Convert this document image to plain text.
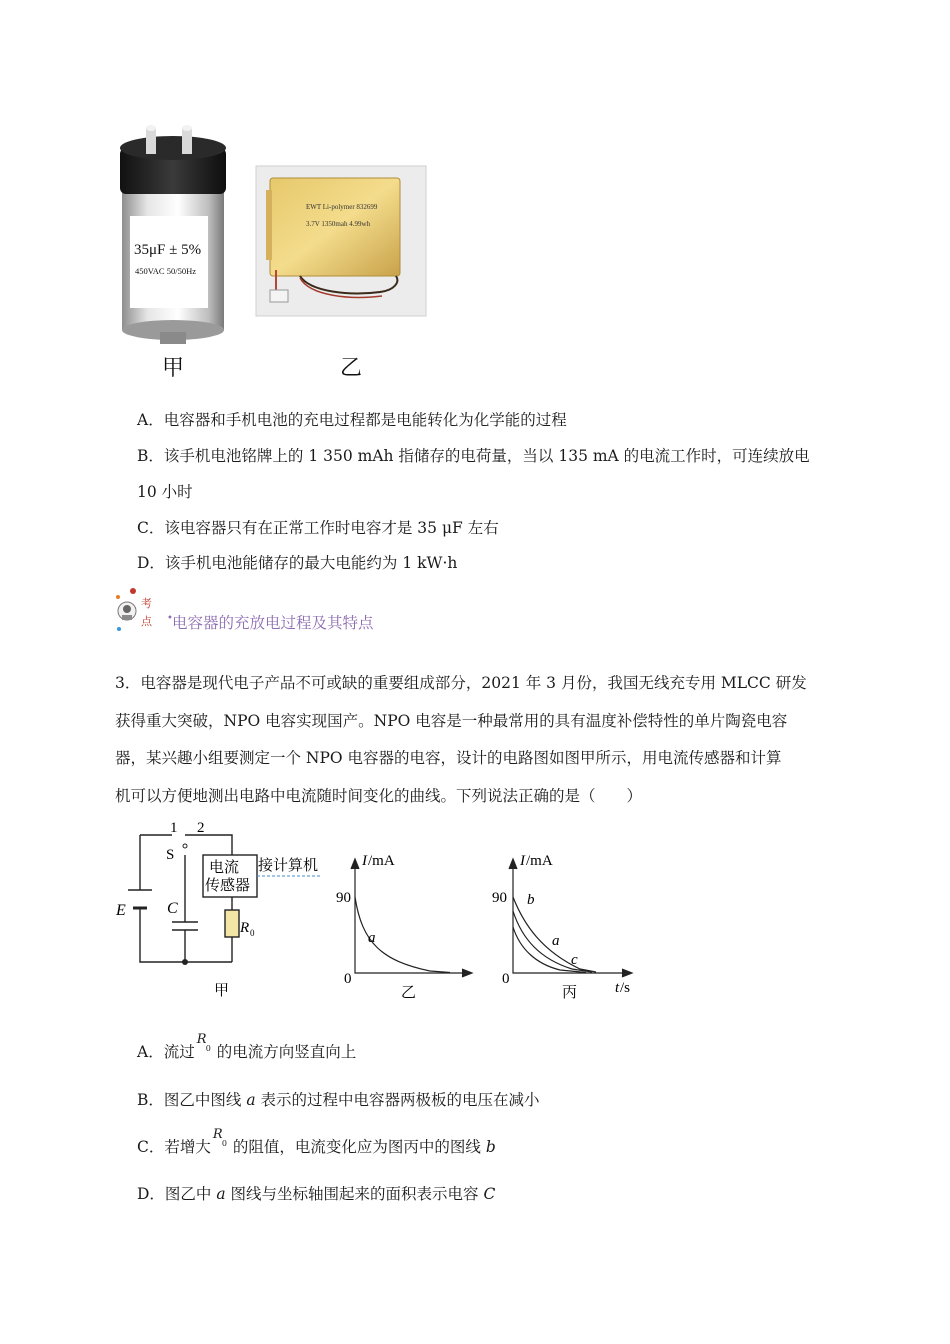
35μF ± 5%
450VAC 50/50Hz
EWT Li-polymer 832699
3.7V 1350mah 4.99wh
甲	乙
A．电容器和手机电池的充电过程都是电能转化为化学能的过程
B．该手机电池铭牌上的 1 350 mAh 指储存的电荷量，当以 135 mA 的电流工作时，可连续放电
10 小时
C．该电容器只有在正常工作时电容才是 35 μF 左右
D．该手机电池能储存的最大电能约为 1 kW·h
考
点 • 电容器的充放电过程及其特点
3．电容器是现代电子产品不可或缺的重要组成部分，2021 年 3 月份，我国无线充专用 MLCC 研发
获得重大突破，NPO 电容实现国产。NPO 电容是一种最常用的具有温度补偿特性的单片陶瓷电容
器，某兴趣小组要测定一个 NPO 电容器的电容，设计的电路图如图甲所示，用电流传感器和计算
机可以方便地测出电路中电流随时间变化的曲线。下列说法正确的是（　　）
1 2
S
电流
传感器
接计算机
E	C
R 0
甲
I /mA
90
0
a
乙
I /mA
90
0
b
a
c
丙	t /s
A．流过
R
0 的电流方向竖直向上
B．图乙中图线 a 表示的过程中电容器两极板的电压在减小
C．若增大
R
0 的阻值，电流变化应为图丙中的图线 b
D．图乙中 a 图线与坐标轴围起来的面积表示电容 C
